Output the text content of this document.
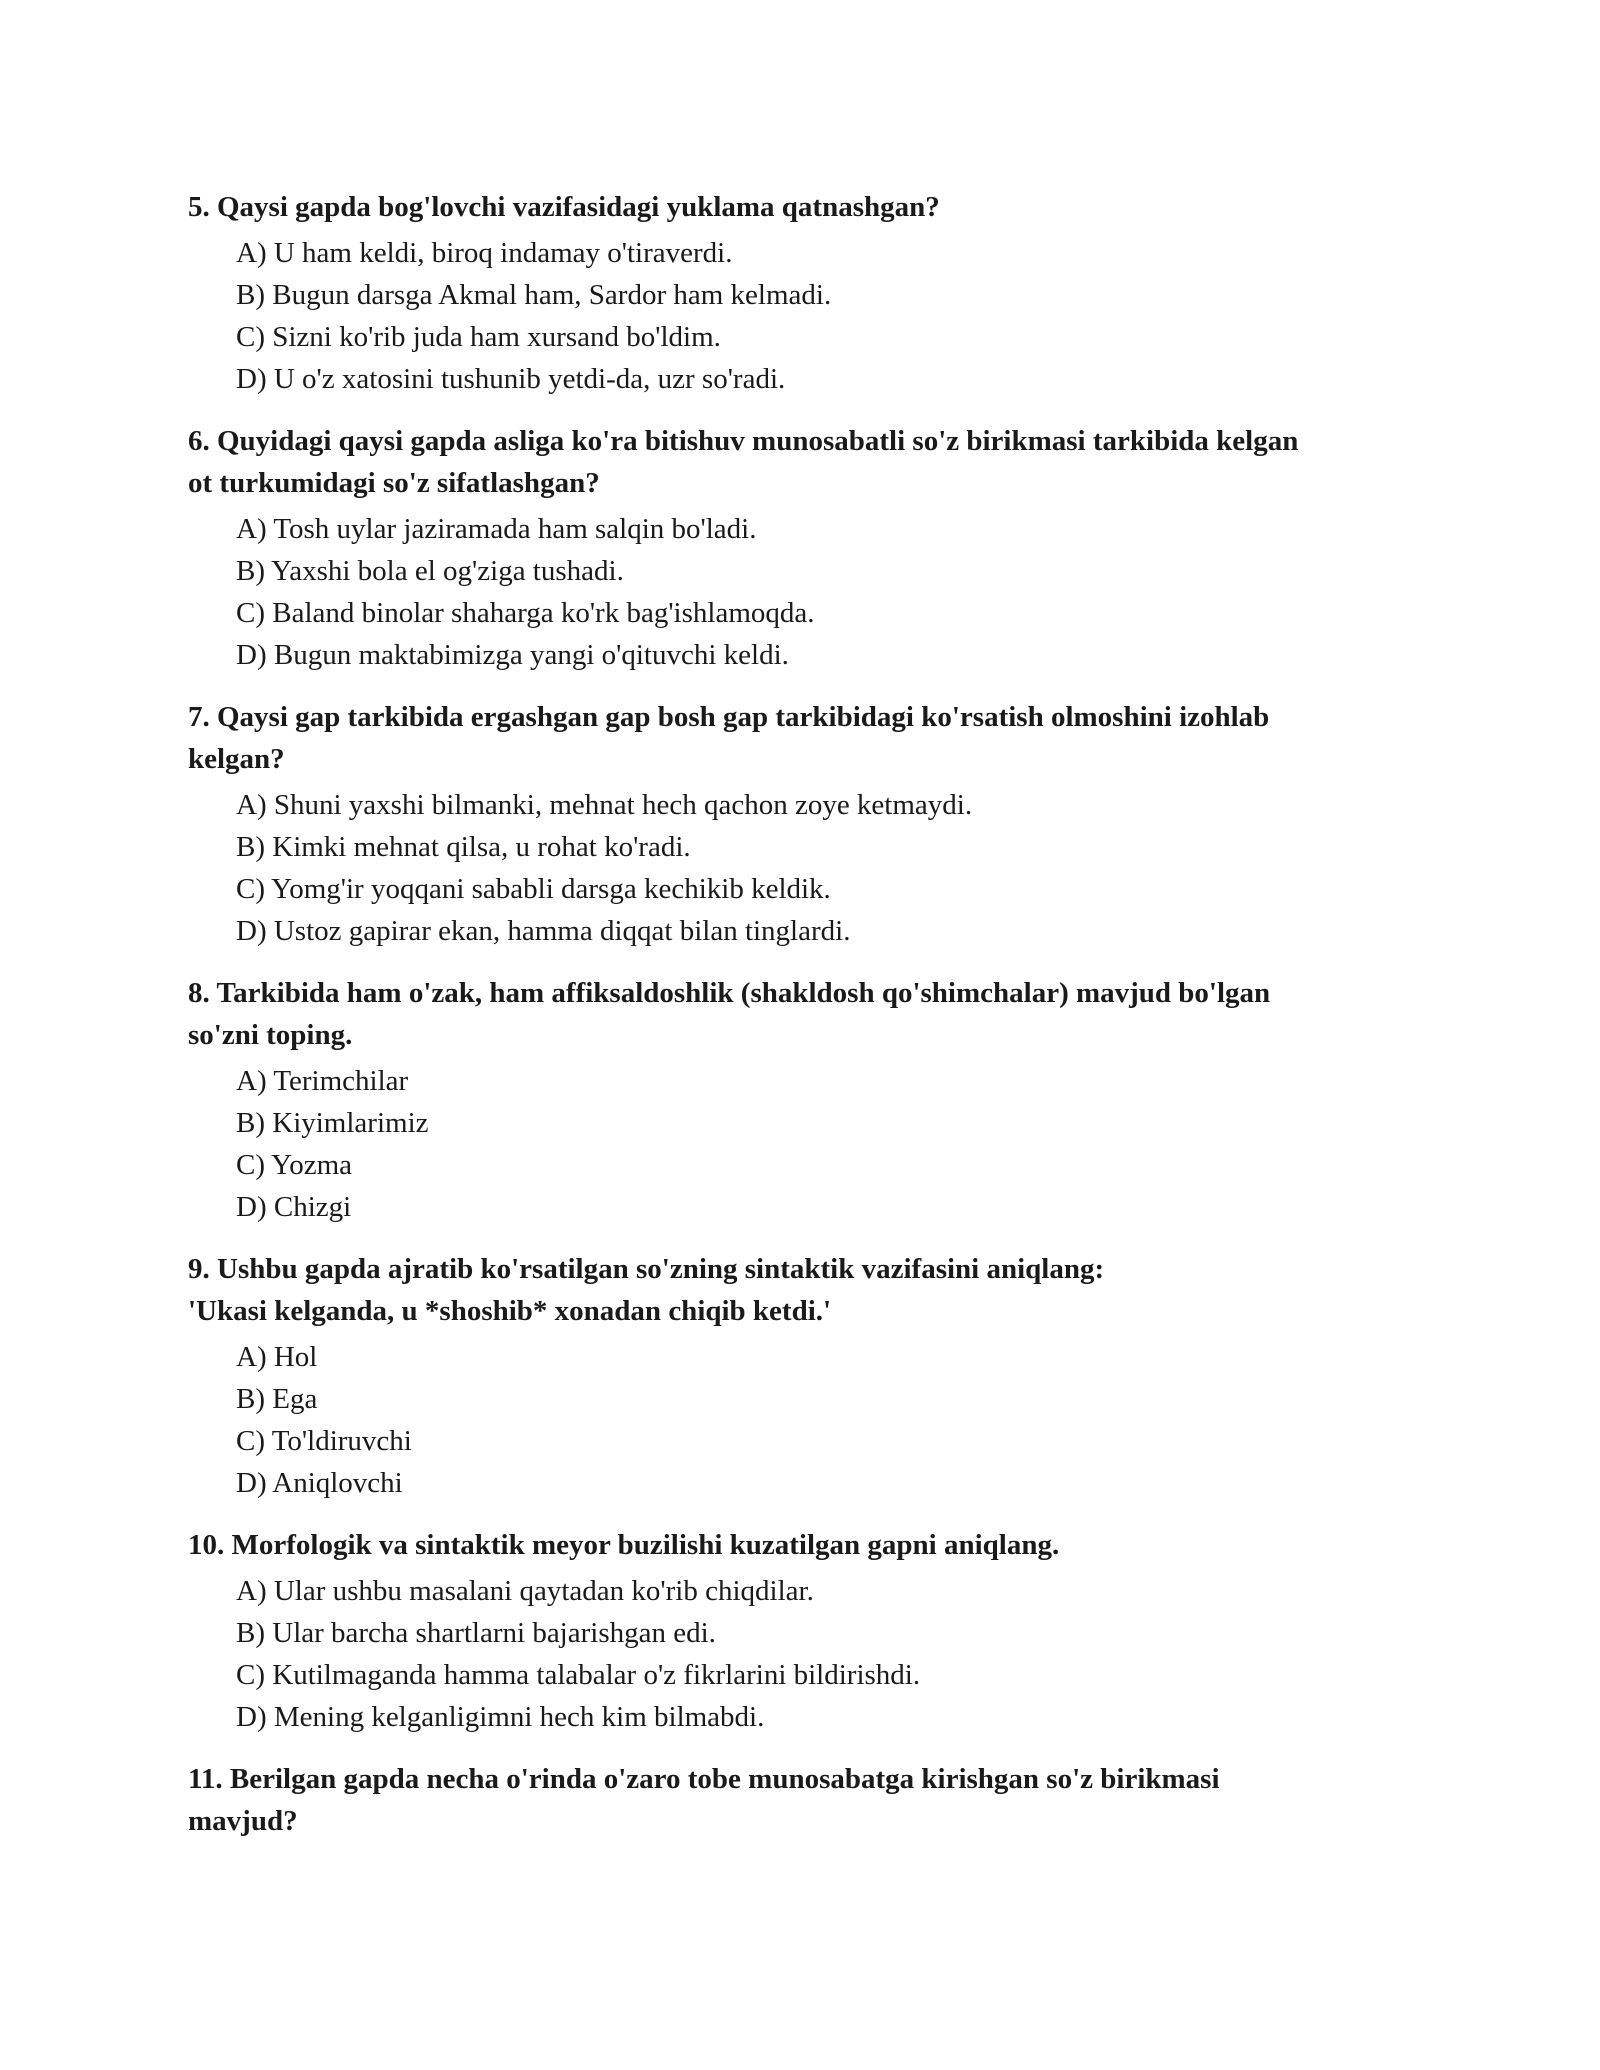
5. Qaysi gapda bog'lovchi vazifasidagi yuklama qatnashgan?
A) U ham keldi, biroq indamay o'tiraverdi.
B) Bugun darsga Akmal ham, Sardor ham kelmadi.
C) Sizni ko'rib juda ham xursand bo'ldim.
D) U o'z xatosini tushunib yetdi-da, uzr so'radi.
6. Quyidagi qaysi gapda asliga ko'ra bitishuv munosabatli so'z birikmasi tarkibida kelgan
ot turkumidagi so'z sifatlashgan?
A) Tosh uylar jaziramada ham salqin bo'ladi.
B) Yaxshi bola el og'ziga tushadi.
C) Baland binolar shaharga ko'rk bag'ishlamoqda.
D) Bugun maktabimizga yangi o'qituvchi keldi.
7. Qaysi gap tarkibida ergashgan gap bosh gap tarkibidagi ko'rsatish olmoshini izohlab
kelgan?
A) Shuni yaxshi bilmanki, mehnat hech qachon zoye ketmaydi.
B) Kimki mehnat qilsa, u rohat ko'radi.
C) Yomg'ir yoqqani sababli darsga kechikib keldik.
D) Ustoz gapirar ekan, hamma diqqat bilan tinglardi.
8. Tarkibida ham o'zak, ham affiksaldoshlik (shakldosh qo'shimchalar) mavjud bo'lgan
so'zni toping.
A) Terimchilar
B) Kiyimlarimiz
C) Yozma
D) Chizgi
9. Ushbu gapda ajratib ko'rsatilgan so'zning sintaktik vazifasini aniqlang:
'Ukasi kelganda, u *shoshib* xonadan chiqib ketdi.'
A) Hol
B) Ega
C) To'ldiruvchi
D) Aniqlovchi
10. Morfologik va sintaktik meyor buzilishi kuzatilgan gapni aniqlang.
A) Ular ushbu masalani qaytadan ko'rib chiqdilar.
B) Ular barcha shartlarni bajarishgan edi.
C) Kutilmaganda hamma talabalar o'z fikrlarini bildirishdi.
D) Mening kelganligimni hech kim bilmabdi.
11. Berilgan gapda necha o'rinda o'zaro tobe munosabatga kirishgan so'z birikmasi
mavjud?
